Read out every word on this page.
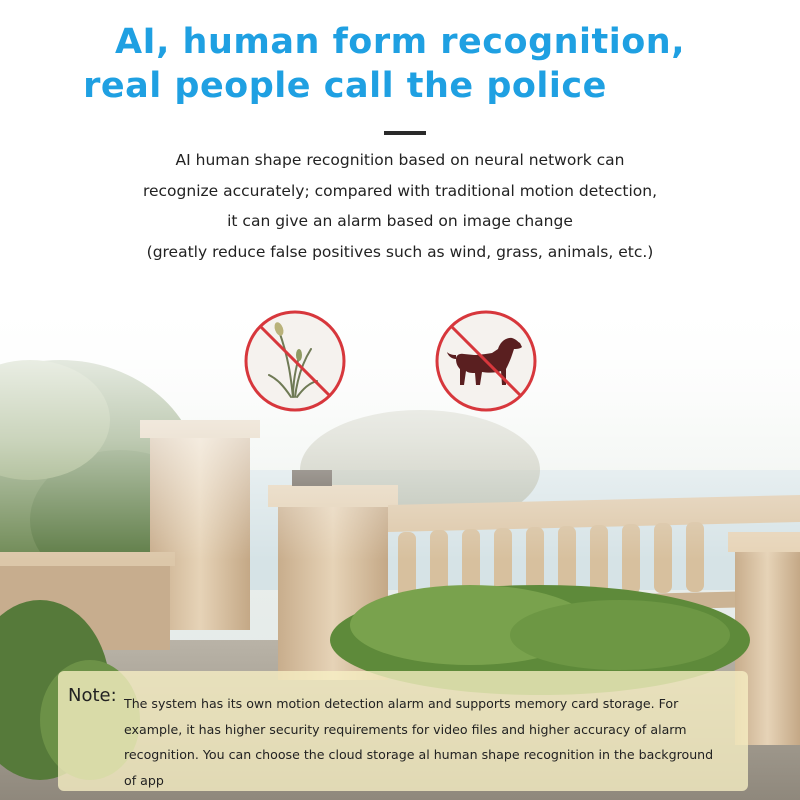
AI, human form recognition,
real people call the police
AI human shape recognition based on neural network can
recognize accurately; compared with traditional motion detection,
it can give an alarm based on image change
(greatly reduce false positives such as wind, grass, animals, etc.)
Note: The system has its own motion detection alarm and supports memory card storage. For
example, it has higher security requirements for video files and higher accuracy of alarm
recognition. You can choose the cloud storage al human shape recognition in the background
of app
